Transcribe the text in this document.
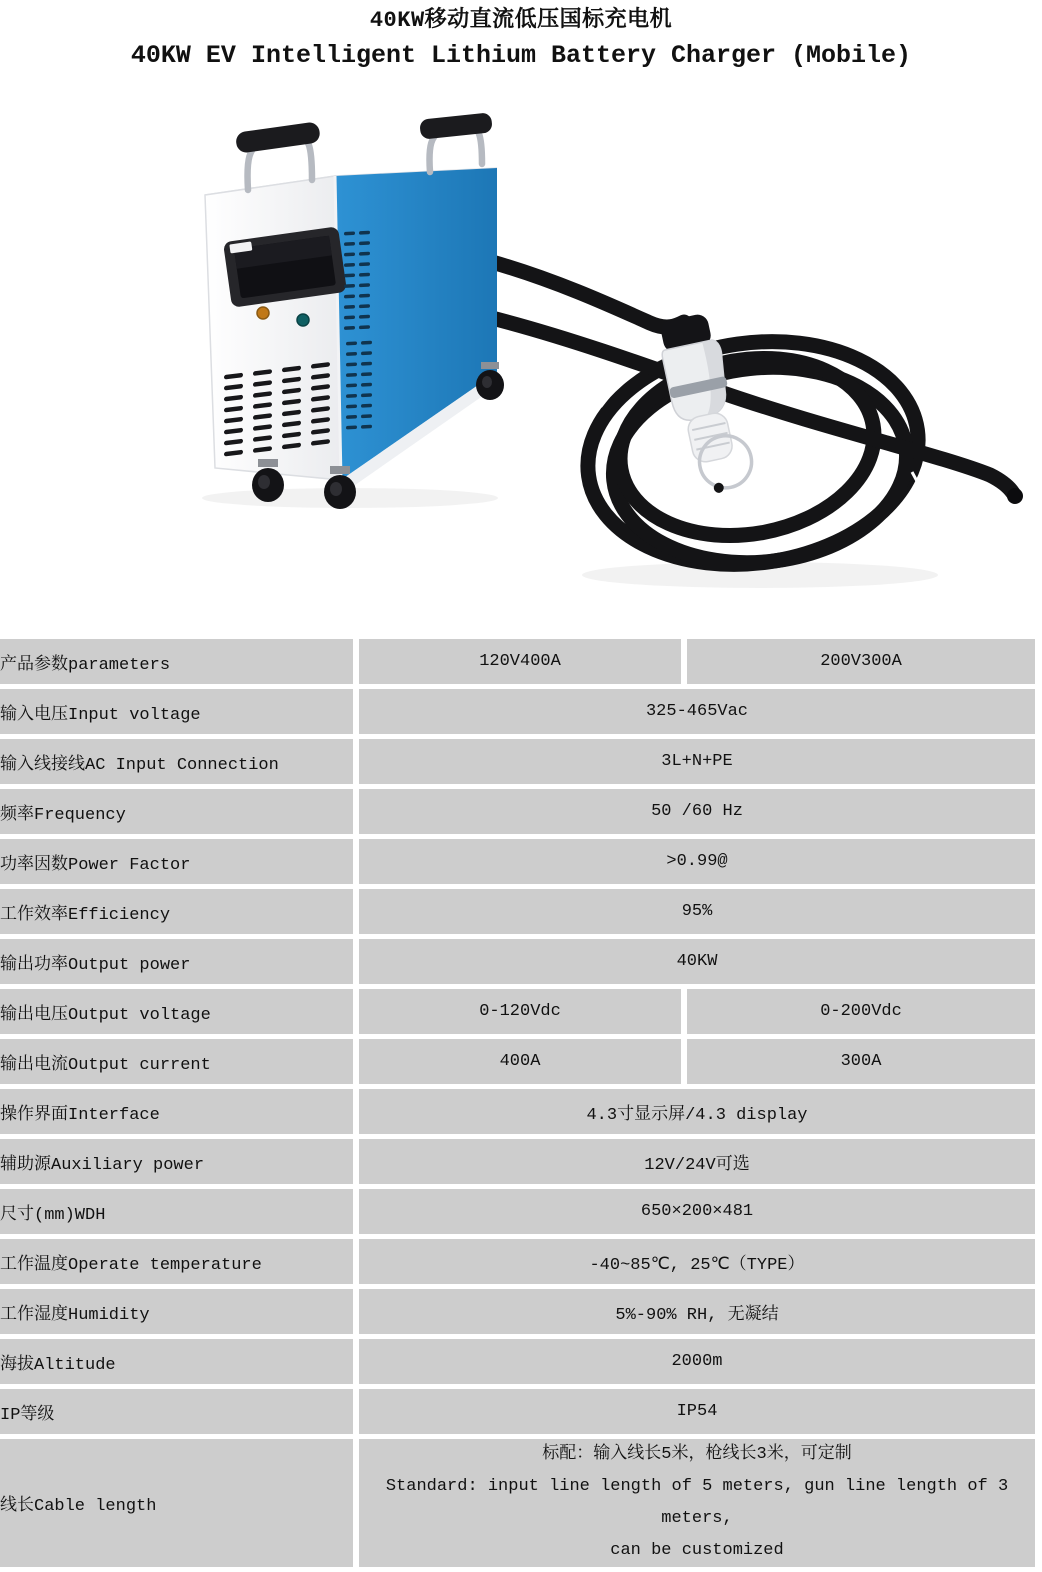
40KW移动直流低压国标充电机
40KW EV Intelligent Lithium Battery Charger (Mobile)
产品参数parameters	120V400A	200V300A
输入电压Input voltage	325-465Vac	
输入线接线AC Input Connection	3L+N+PE	
频率Frequency	50 /60 Hz	
功率因数Power Factor	>0.99@	
工作效率Efficiency	95%	
输出功率Output power	40KW	
输出电压Output voltage	0-120Vdc	0-200Vdc
输出电流Output current	400A	300A
操作界面Interface	4.3寸显示屏/4.3 display	
辅助源Auxiliary power	12V/24V可选	
尺寸(mm)WDH	650×200×481	
工作温度Operate temperature	-40~85℃, 25℃（TYPE）	
工作湿度Humidity	5%-90% RH, 无凝结	
海拔Altitude	2000m	
IP等级	IP54	
线长Cable length	标配：输入线长5米，枪线长3米，可定制
Standard: input line length of 5 meters, gun line length of 3 meters,
can be customized	
